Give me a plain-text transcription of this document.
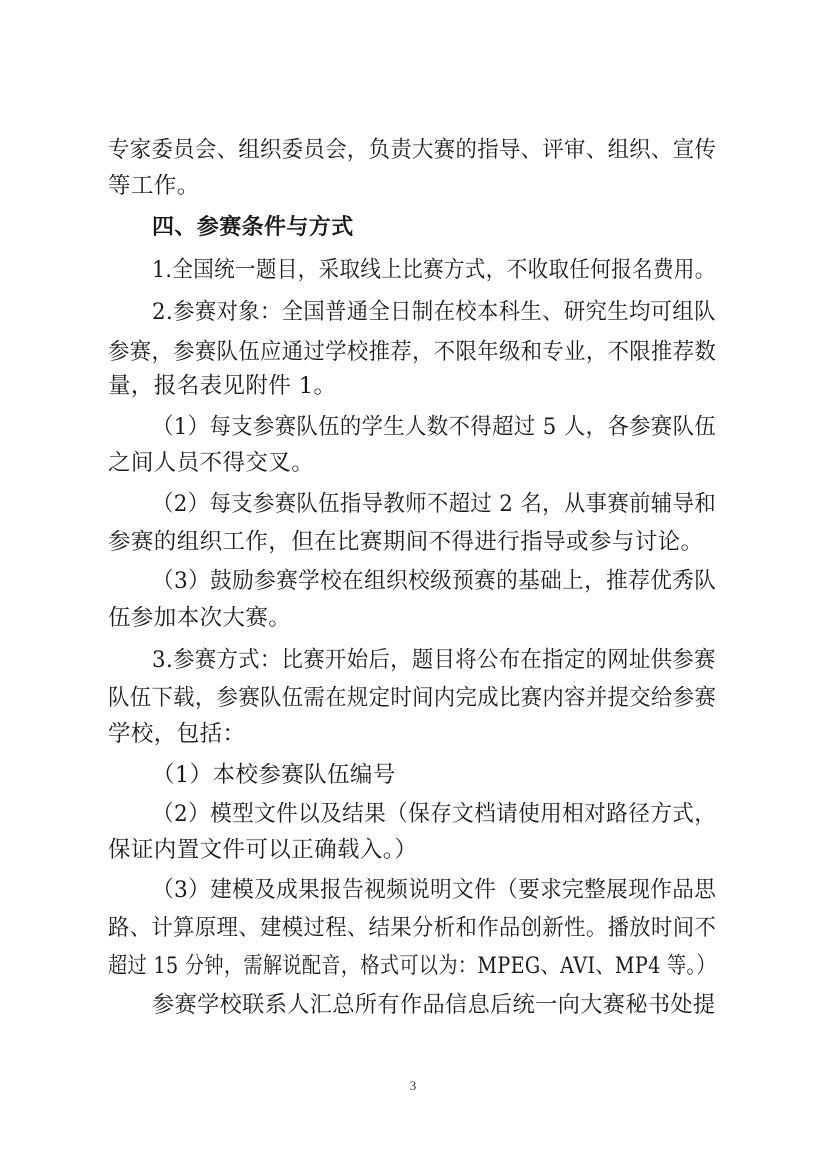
专家委员会、组织委员会，负责大赛的指导、评审、组织、宣传
等工作。
四、参赛条件与方式
1.全国统一题目，采取线上比赛方式，不收取任何报名费用。
2.参赛对象：全国普通全日制在校本科生、研究生均可组队
参赛，参赛队伍应通过学校推荐，不限年级和专业，不限推荐数
量，报名表见附件 1。
（1）每支参赛队伍的学生人数不得超过 5 人，各参赛队伍
之间人员不得交叉。
（2）每支参赛队伍指导教师不超过 2 名，从事赛前辅导和
参赛的组织工作，但在比赛期间不得进行指导或参与讨论。
（3）鼓励参赛学校在组织校级预赛的基础上，推荐优秀队
伍参加本次大赛。
3.参赛方式：比赛开始后，题目将公布在指定的网址供参赛
队伍下载，参赛队伍需在规定时间内完成比赛内容并提交给参赛
学校，包括：
（1）本校参赛队伍编号
（2）模型文件以及结果（保存文档请使用相对路径方式，
保证内置文件可以正确载入。）
（3）建模及成果报告视频说明文件（要求完整展现作品思
路、计算原理、建模过程、结果分析和作品创新性。播放时间不
超过 15 分钟，需解说配音，格式可以为：MPEG、AVI、MP4 等。）
参赛学校联系人汇总所有作品信息后统一向大赛秘书处提
3
